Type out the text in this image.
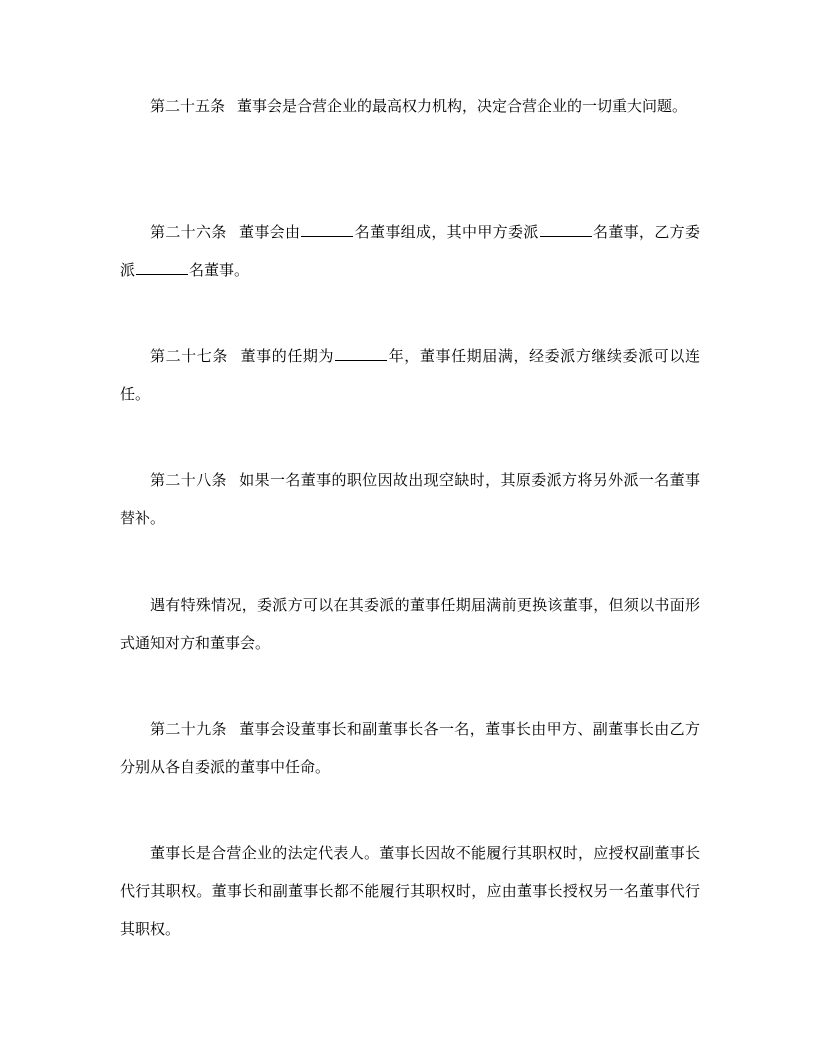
第二十五条 董事会是合营企业的最高权力机构，决定合营企业的一切重大问题。

第二十六条 董事会由	名董事组成，其中甲方委派	名董事，乙方委派	名董事。

第二十七条 董事的任期为	年，董事任期届满，经委派方继续委派可以连任。

第二十八条 如果一名董事的职位因故出现空缺时，其原委派方将另外派一名董事替补。

遇有特殊情况，委派方可以在其委派的董事任期届满前更换该董事，但须以书面形式通知对方和董事会。

第二十九条 董事会设董事长和副董事长各一名，董事长由甲方、副董事长由乙方分别从各自委派的董事中任命。

董事长是合营企业的法定代表人。董事长因故不能履行其职权时，应授权副董事长代行其职权。董事长和副董事长都不能履行其职权时，应由董事长授权另一名董事代行其职权。
